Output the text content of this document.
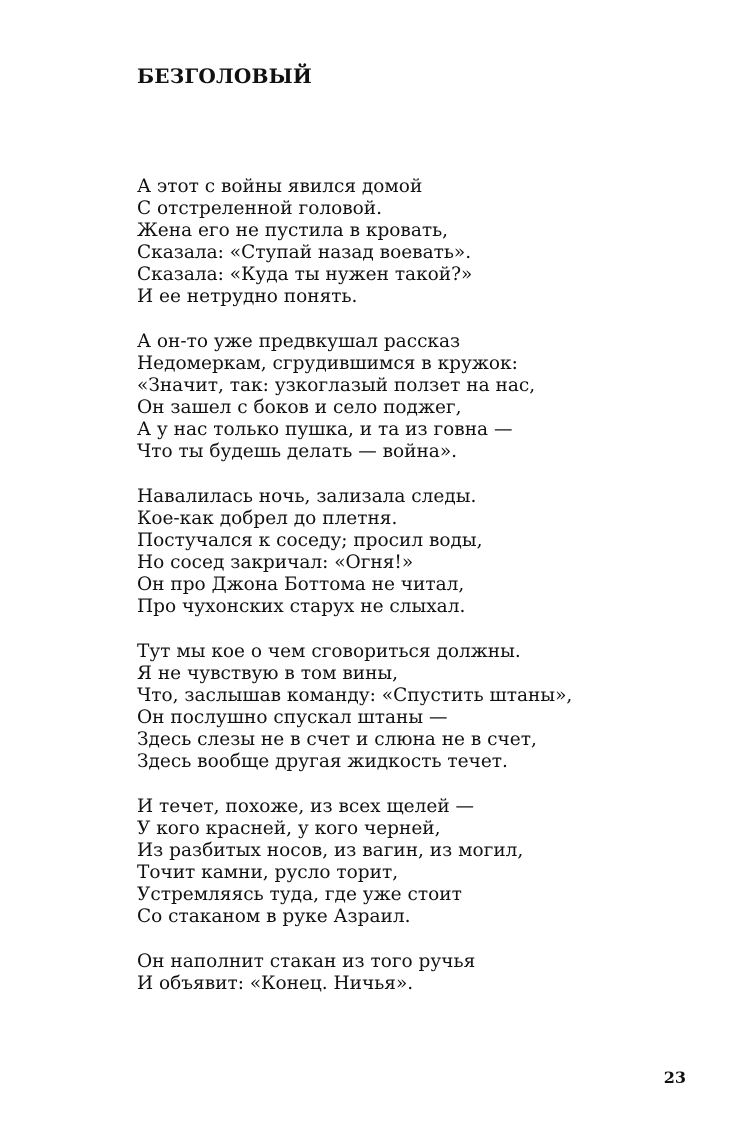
БЕЗГОЛОВЫЙ
А этот с войны явился домой
С отстреленной головой.
Жена его не пустила в кровать,
Сказала: «Ступай назад воевать».
Сказала: «Куда ты нужен такой?»
И ее нетрудно понять.
А он-то уже предвкушал рассказ
Недомеркам, сгрудившимся в кружок:
«Значит, так: узкоглазый ползет на нас,
Он зашел с боков и село поджег,
А у нас только пушка, и та из говна —
Что ты будешь делать — война».
Навалилась ночь, зализала следы.
Кое-как добрел до плетня.
Постучался к соседу; просил воды,
Но сосед закричал: «Огня!»
Он про Джона Боттома не читал,
Про чухонских старух не слыхал.
Тут мы кое о чем сговориться должны.
Я не чувствую в том вины,
Что, заслышав команду: «Спустить штаны»,
Он послушно спускал штаны —
Здесь слезы не в счет и слюна не в счет,
Здесь вообще другая жидкость течет.
И течет, похоже, из всех щелей —
У кого красней, у кого черней,
Из разбитых носов, из вагин, из могил,
Точит камни, русло торит,
Устремляясь туда, где уже стоит
Со стаканом в руке Азраил.
Он наполнит стакан из того ручья
И объявит: «Конец. Ничья».
23
